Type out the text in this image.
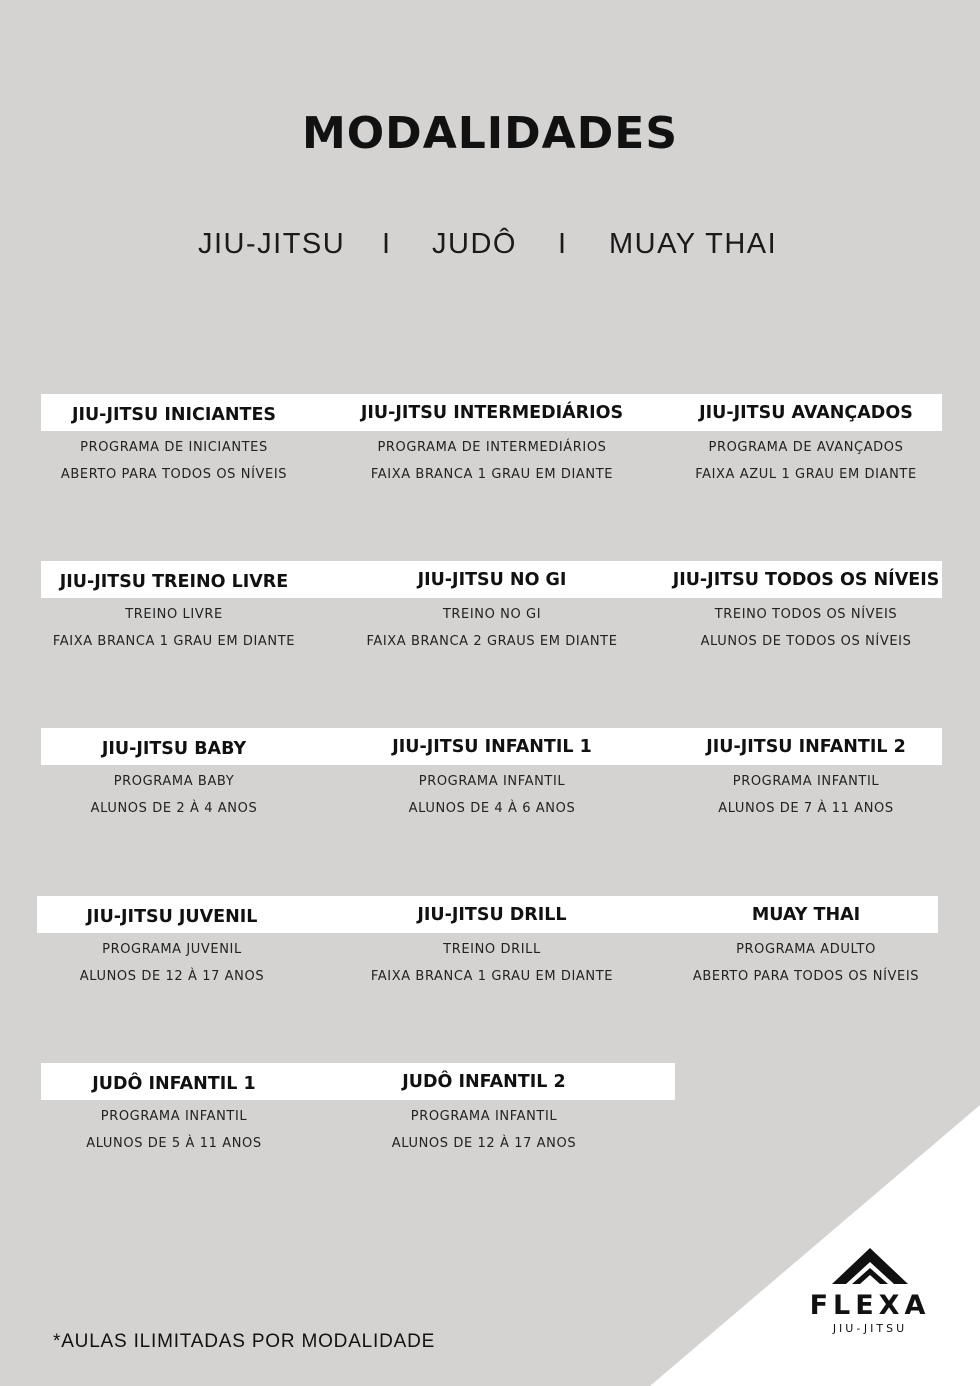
MODALIDADES
JIU-JITSU I JUDÔ I MUAY THAI
JIU-JITSU INICIANTES
PROGRAMA DE INICIANTES
ABERTO PARA TODOS OS NÍVEIS
JIU-JITSU INTERMEDIÁRIOS
PROGRAMA DE INTERMEDIÁRIOS
FAIXA BRANCA 1 GRAU EM DIANTE
JIU-JITSU AVANÇADOS
PROGRAMA DE AVANÇADOS
FAIXA AZUL 1 GRAU EM DIANTE
JIU-JITSU TREINO LIVRE
TREINO LIVRE
FAIXA BRANCA 1 GRAU EM DIANTE
JIU-JITSU NO GI
TREINO NO GI
FAIXA BRANCA 2 GRAUS EM DIANTE
JIU-JITSU TODOS OS NÍVEIS
TREINO TODOS OS NÍVEIS
ALUNOS DE TODOS OS NÍVEIS
JIU-JITSU BABY
PROGRAMA BABY
ALUNOS DE 2 À 4 ANOS
JIU-JITSU INFANTIL 1
PROGRAMA INFANTIL
ALUNOS DE 4 À 6 ANOS
JIU-JITSU INFANTIL 2
PROGRAMA INFANTIL
ALUNOS DE 7 À 11 ANOS
JIU-JITSU JUVENIL
PROGRAMA JUVENIL
ALUNOS DE 12 À 17 ANOS
JIU-JITSU DRILL
TREINO DRILL
FAIXA BRANCA 1 GRAU EM DIANTE
MUAY THAI
PROGRAMA ADULTO
ABERTO PARA TODOS OS NÍVEIS
JUDÔ INFANTIL 1
PROGRAMA INFANTIL
ALUNOS DE 5 À 11 ANOS
JUDÔ INFANTIL 2
PROGRAMA INFANTIL
ALUNOS DE 12 À 17 ANOS
*AULAS ILIMITADAS POR MODALIDADE
FLEXA
JIU-JITSU
